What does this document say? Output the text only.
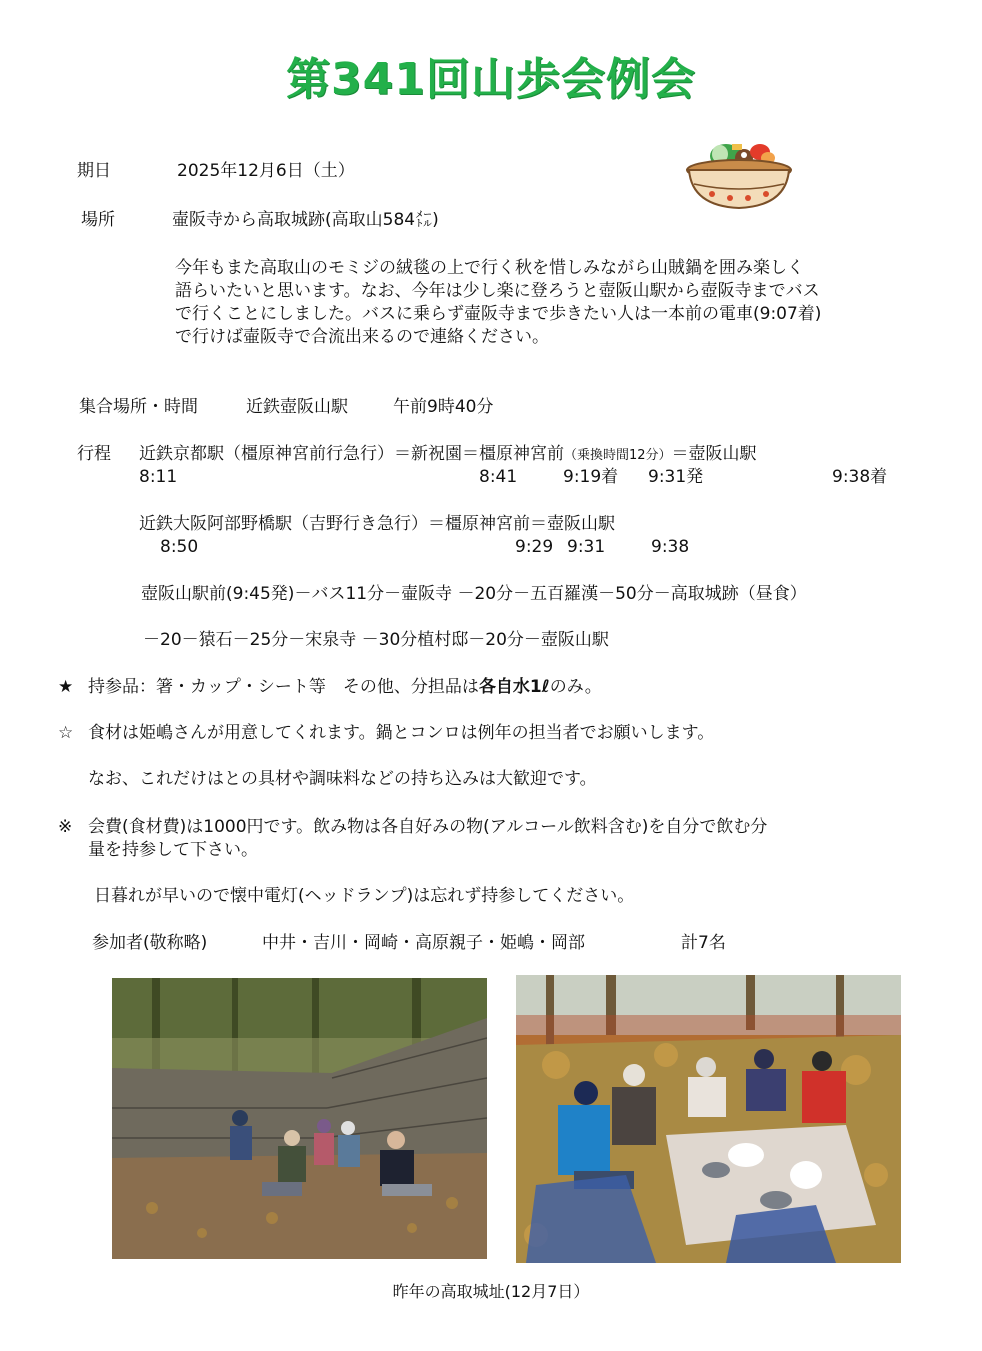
第341回山歩会例会
期日	2025年12月6日（土）
場所	壷阪寺から高取城跡(高取山584㍍)
今年もまた高取山のモミジの絨毯の上で行く秋を惜しみながら山賊鍋を囲み楽しく
語らいたいと思います。なお、今年は少し楽に登ろうと壺阪山駅から壺阪寺までバス
で行くことにしました。バスに乗らず壷阪寺まで歩きたい人は一本前の電車(9:07着)
で行けば壷阪寺で合流出来るので連絡ください。
集合場所・時間	近鉄壺阪山駅	午前9時40分
行程 近鉄京都駅（橿原神宮前行急行）＝新祝園＝橿原神宮前（乗換時間12分）＝壺阪山駅
8:11	8:41	9:19着 9:31発	9:38着
近鉄大阪阿部野橋駅（吉野行き急行）＝橿原神宮前＝壺阪山駅
8:50	9:29 9:31	9:38
壺阪山駅前(9:45発)－バス11分－壷阪寺 －20分－五百羅漢－50分－高取城跡（昼食）
－20－猿石－25分－宋泉寺 －30分植村邸－20分－壺阪山駅
★ 持参品：箸・カップ・シート等　その他、分担品は各自水1ℓのみ。
☆ 食材は姫嶋さんが用意してくれます。鍋とコンロは例年の担当者でお願いします。
なお、これだけはとの具材や調味料などの持ち込みは大歓迎です。
※ 会費(食材費)は1000円です。飲み物は各自好みの物(アルコール飲料含む)を自分で飲む分
量を持参して下さい。
日暮れが早いので懐中電灯(ヘッドランプ)は忘れず持参してください。
参加者(敬称略)	中井・吉川・岡崎・高原親子・姫嶋・岡部	計7名
昨年の高取城址(12月7日）
